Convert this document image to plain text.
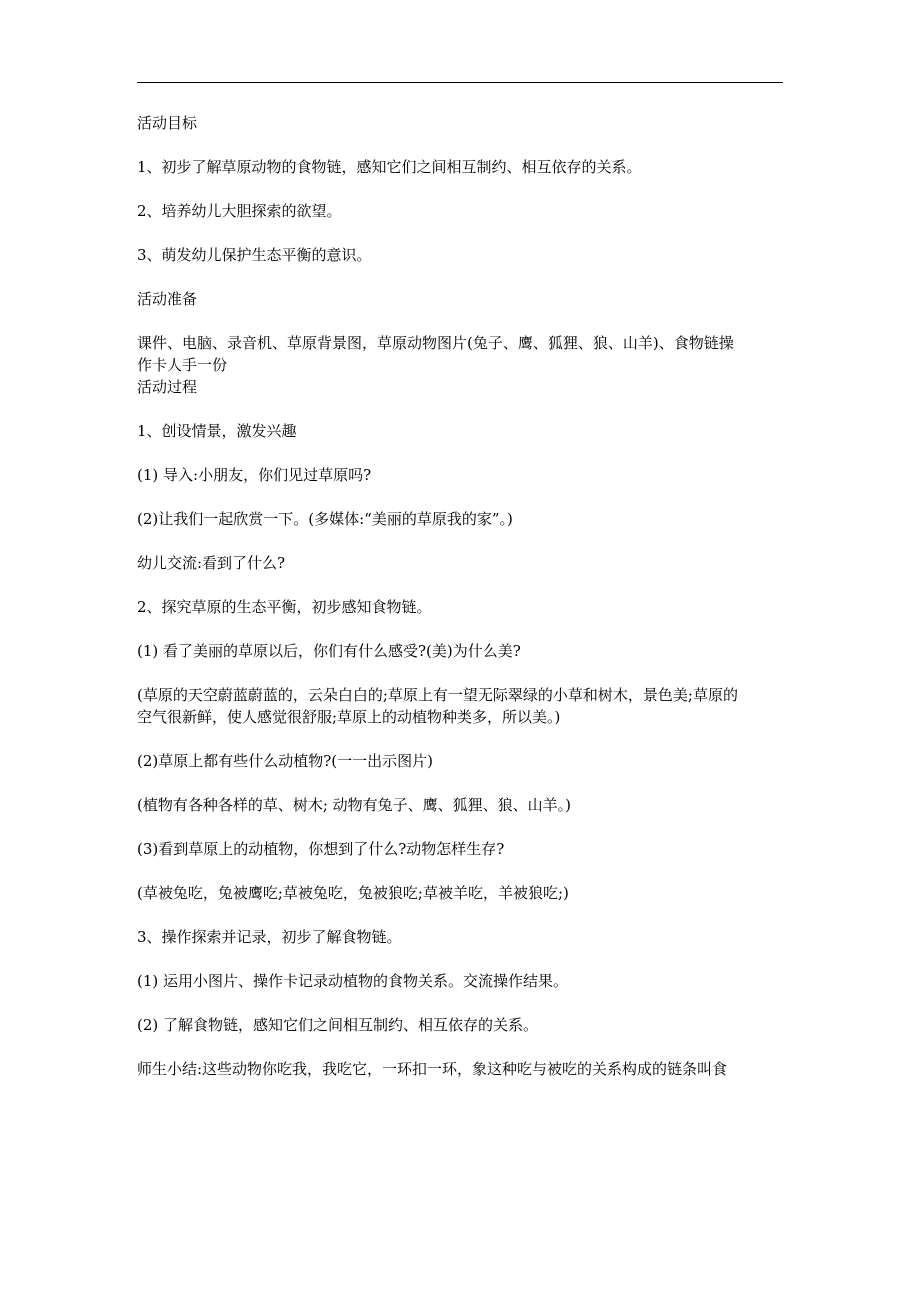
活动目标

1、初步了解草原动物的食物链，感知它们之间相互制约、相互依存的关系。

2、培养幼儿大胆探索的欲望。

3、萌发幼儿保护生态平衡的意识。

活动准备

课件、电脑、录音机、草原背景图，草原动物图片(兔子、鹰、狐狸、狼、山羊)、食物链操

作卡人手一份

活动过程

1、创设情景，激发兴趣

(1) 导入:小朋友，你们见过草原吗?

(2)让我们一起欣赏一下。(多媒体:“美丽的草原我的家”。)

幼儿交流:看到了什么?

2、探究草原的生态平衡，初步感知食物链。

(1) 看了美丽的草原以后，你们有什么感受?(美)为什么美?

(草原的天空蔚蓝蔚蓝的，云朵白白的;草原上有一望无际翠绿的小草和树木，景色美;草原的

空气很新鲜，使人感觉很舒服;草原上的动植物种类多，所以美。)

(2)草原上都有些什么动植物?(一一出示图片)

(植物有各种各样的草、树木; 动物有兔子、鹰、狐狸、狼、山羊。)

(3)看到草原上的动植物，你想到了什么?动物怎样生存?

(草被兔吃，兔被鹰吃;草被兔吃，兔被狼吃;草被羊吃，羊被狼吃;)

3、操作探索并记录，初步了解食物链。

(1) 运用小图片、操作卡记录动植物的食物关系。交流操作结果。

(2) 了解食物链，感知它们之间相互制约、相互依存的关系。

师生小结:这些动物你吃我，我吃它，一环扣一环，象这种吃与被吃的关系构成的链条叫食
